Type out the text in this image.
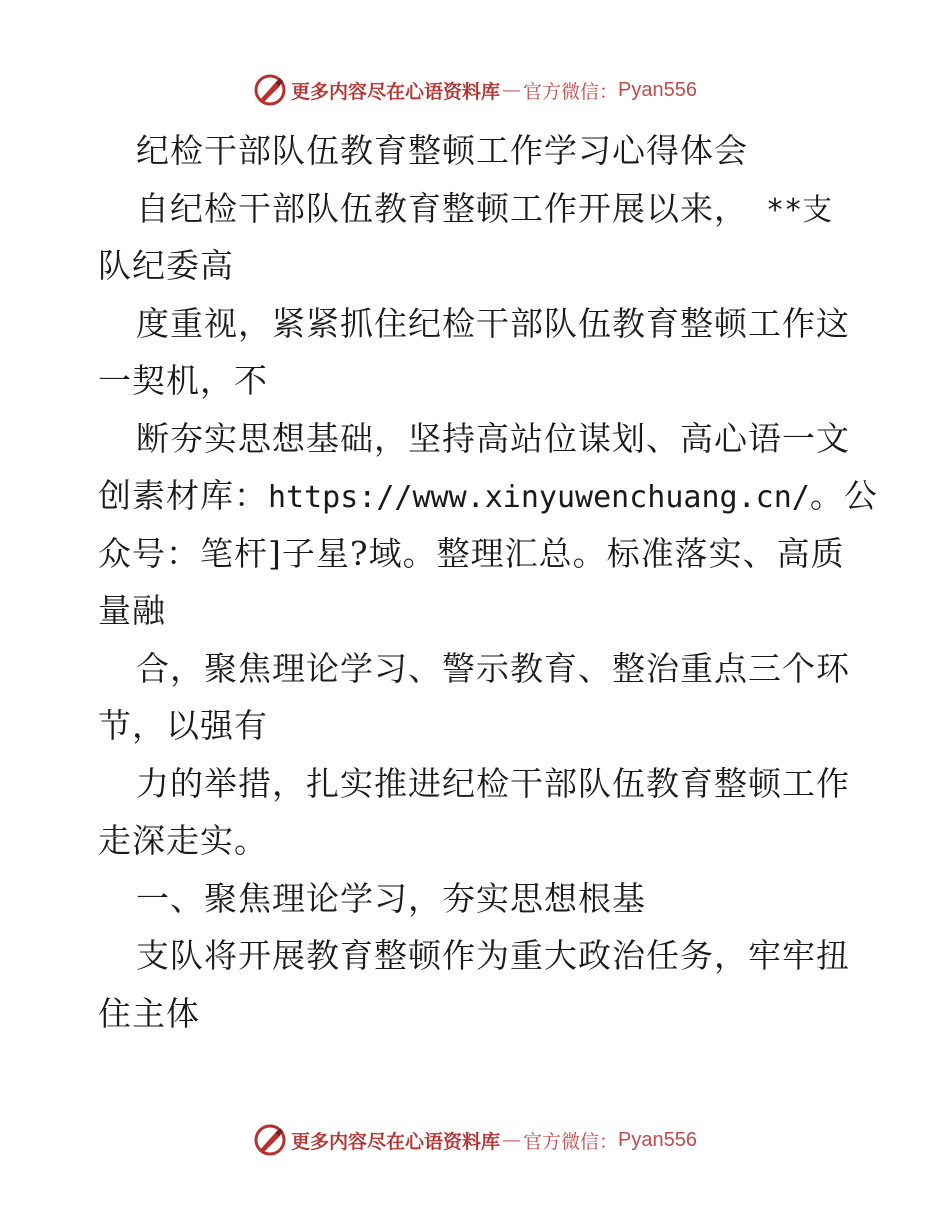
更多内容尽在心语资料库 — 官方微信： Pyan556
纪检干部队伍教育整顿工作学习心得体会
自纪检干部队伍教育整顿工作开展以来， **支
队纪委高
度重视，紧紧抓住纪检干部队伍教育整顿工作这
一契机，不
断夯实思想基础，坚持高站位谋划、高心语一文
创素材库：https://www.xinyuwenchuang.cn/。公
众号：笔杆]子星?域。整理汇总。标准落实、高质
量融
合，聚焦理论学习、警示教育、整治重点三个环
节，以强有
力的举措，扎实推进纪检干部队伍教育整顿工作
走深走实。
一、聚焦理论学习，夯实思想根基
支队将开展教育整顿作为重大政治任务，牢牢扭
住主体
更多内容尽在心语资料库 — 官方微信： Pyan556
